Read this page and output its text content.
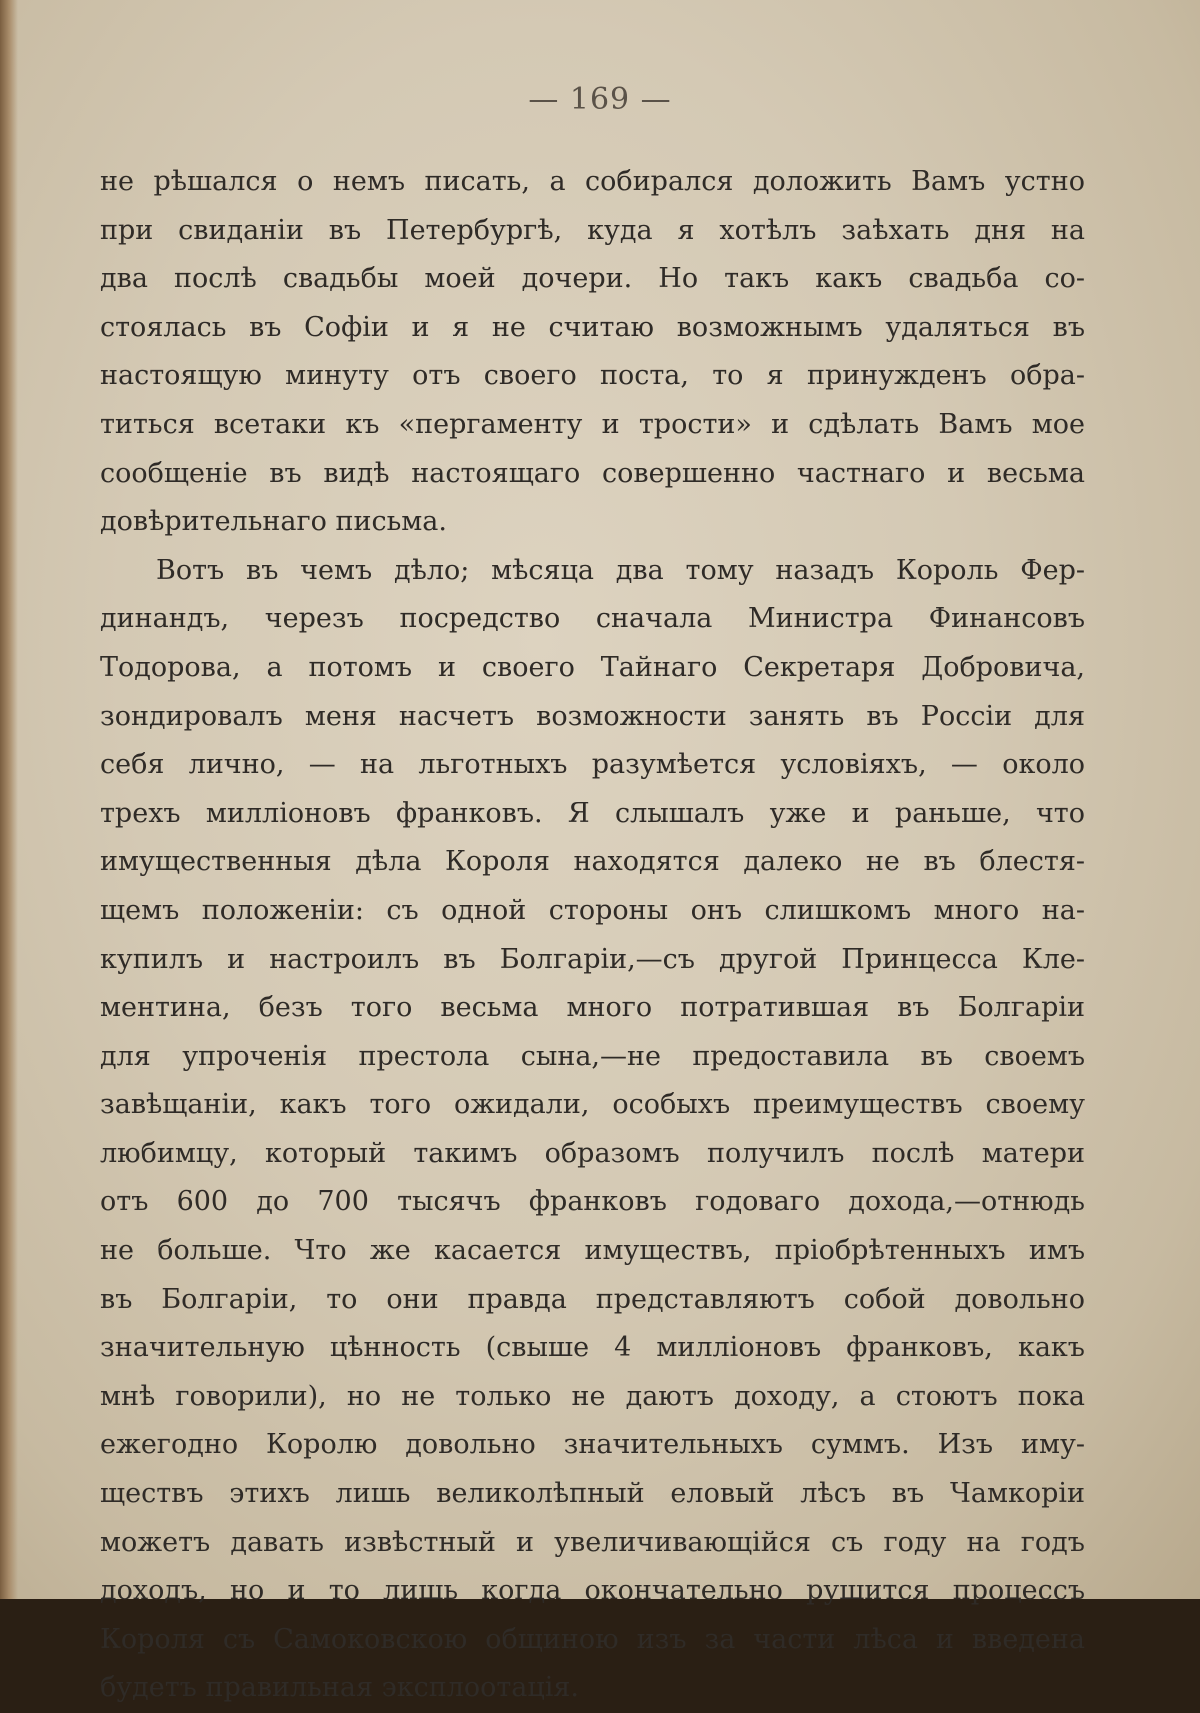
— 169 —
не рѣшался о немъ писать, а собирался доложить Вамъ устно
при свиданіи въ Петербургѣ, куда я хотѣлъ заѣхать дня на
два послѣ свадьбы моей дочери. Но такъ какъ свадьба со-
стоялась въ Софіи и я не считаю возможнымъ удаляться въ
настоящую минуту отъ своего поста, то я принужденъ обра-
титься всетаки къ «пергаменту и трости» и сдѣлать Вамъ мое
сообщеніе въ видѣ настоящаго совершенно частнаго и весьма
довѣрительнаго письма.
Вотъ въ чемъ дѣло; мѣсяца два тому назадъ Король Фер-
динандъ, черезъ посредство сначала Министра Финансовъ
Тодорова, а потомъ и своего Тайнаго Секретаря Добровича,
зондировалъ меня насчетъ возможности занять въ Россіи для
себя лично, — на льготныхъ разумѣется условіяхъ, — около
трехъ милліоновъ франковъ. Я слышалъ уже и раньше, что
имущественныя дѣла Короля находятся далеко не въ блестя-
щемъ положеніи: съ одной стороны онъ слишкомъ много на-
купилъ и настроилъ въ Болгаріи,—съ другой Принцесса Кле-
ментина, безъ того весьма много потратившая въ Болгаріи
для упроченія престола сына,—не предоставила въ своемъ
завѣщаніи, какъ того ожидали, особыхъ преимуществъ своему
любимцу, который такимъ образомъ получилъ послѣ матери
отъ 600 до 700 тысячъ франковъ годоваго дохода,—отнюдь
не больше. Что же касается имуществъ, пріобрѣтенныхъ имъ
въ Болгаріи, то они правда представляютъ собой довольно
значительную цѣнность (свыше 4 милліоновъ франковъ, какъ
мнѣ говорили), но не только не даютъ доходу, а стоютъ пока
ежегодно Королю довольно значительныхъ суммъ. Изъ иму-
ществъ этихъ лишь великолѣпный еловый лѣсъ въ Чамкоріи
можетъ давать извѣстный и увеличивающійся съ году на годъ
доходъ, но и то лишь когда окончательно рушится процессъ
Короля съ Самоковскою общиною изъ за части лѣса и введена
будетъ правильная эксплоотація.
